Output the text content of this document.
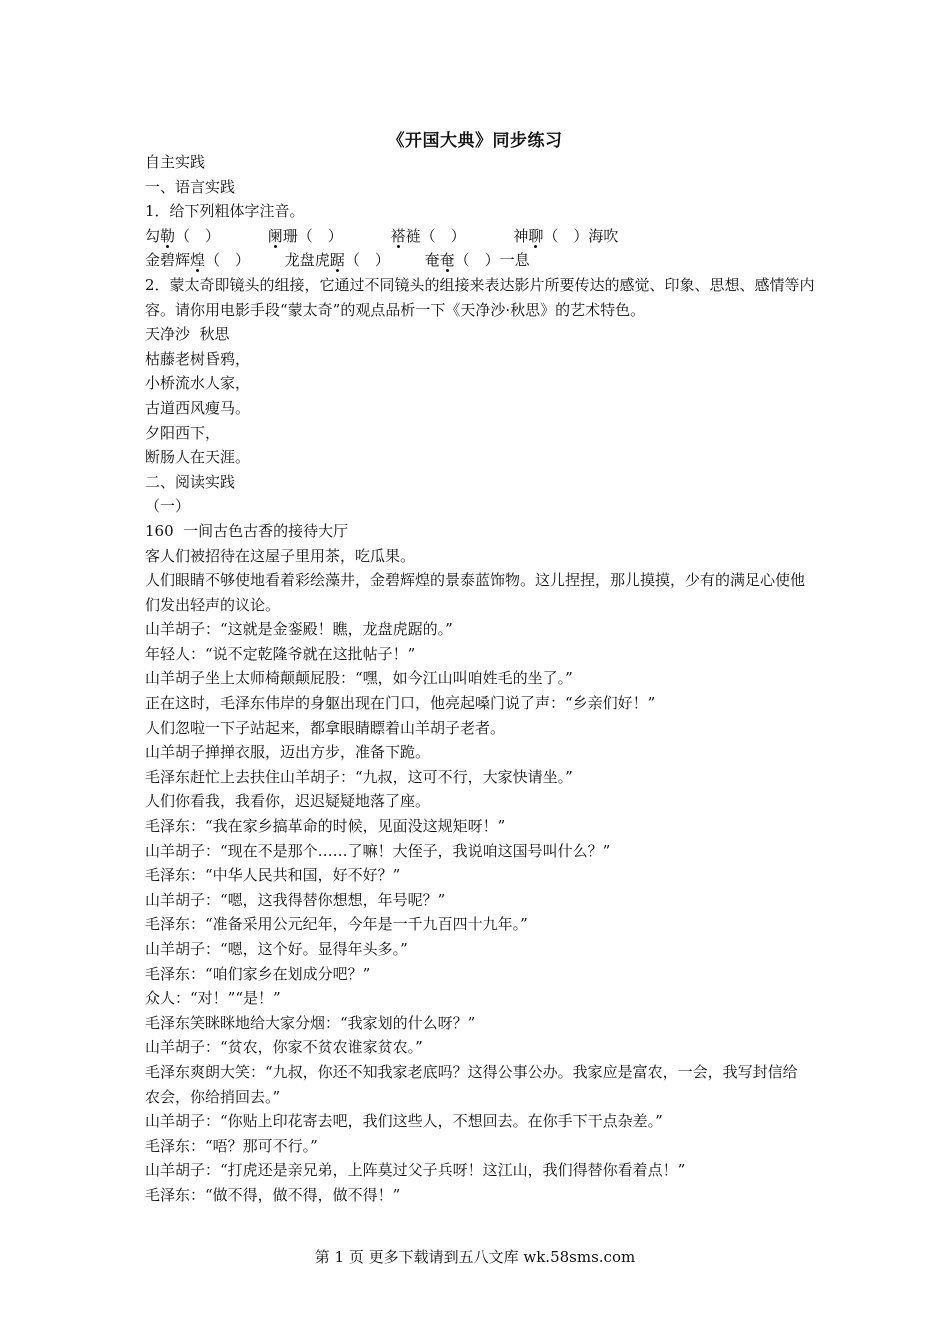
《开国大典》同步练习
自主实践
一、语言实践
1．给下列粗体字注音。
勾勒（　）	阑珊（　）	褡裢（　）	神聊（　）海吹
金碧辉煌（　） 龙盘虎踞（　） 奄奄（　）一息
2．蒙太奇即镜头的组接，它通过不同镜头的组接来表达影片所要传达的感觉、印象、思想、感情等内容。请你用电影手段“蒙太奇”的观点品析一下《天净沙·秋思》的艺术特色。
天净沙  秋思
枯藤老树昏鸦，
小桥流水人家，
古道西风瘦马。
夕阳西下，
断肠人在天涯。
二、阅读实践
（一）
160  一间古色古香的接待大厅
客人们被招待在这屋子里用茶，吃瓜果。
人们眼睛不够使地看着彩绘藻井，金碧辉煌的景泰蓝饰物。这儿捏捏，那儿摸摸，少有的满足心使他们发出轻声的议论。
山羊胡子：“这就是金銮殿！瞧，龙盘虎踞的。”
年轻人：“说不定乾隆爷就在这批帖子！”
山羊胡子坐上太师椅颠颠屁股：“嘿，如今江山叫咱姓毛的坐了。”
正在这时，毛泽东伟岸的身躯出现在门口，他亮起嗓门说了声：“乡亲们好！”
人们忽啦一下子站起来，都拿眼睛瞟着山羊胡子老者。
山羊胡子掸掸衣服，迈出方步，准备下跪。
毛泽东赶忙上去扶住山羊胡子：“九叔，这可不行，大家快请坐。”
人们你看我，我看你，迟迟疑疑地落了座。
毛泽东：“我在家乡搞革命的时候，见面没这规矩呀！”
山羊胡子：“现在不是那个……了嘛！大侄子，我说咱这国号叫什么？”
毛泽东：“中华人民共和国，好不好？”
山羊胡子：“嗯，这我得替你想想，年号呢？”
毛泽东：“准备采用公元纪年，今年是一千九百四十九年。”
山羊胡子：“嗯，这个好。显得年头多。”
毛泽东：“咱们家乡在划成分吧？”
众人：“对！”“是！”
毛泽东笑眯眯地给大家分烟：“我家划的什么呀？”
山羊胡子：“贫农，你家不贫农谁家贫农。”
毛泽东爽朗大笑：“九叔，你还不知我家老底吗？这得公事公办。我家应是富农，一会，我写封信给农会，你给捎回去。”
山羊胡子：“你贴上印花寄去吧，我们这些人，不想回去。在你手下干点杂差。”
毛泽东：“唔？那可不行。”
山羊胡子：“打虎还是亲兄弟，上阵莫过父子兵呀！这江山，我们得替你看着点！”
毛泽东：“做不得，做不得，做不得！”
第 1 页 更多下载请到五八文库 wk.58sms.com
